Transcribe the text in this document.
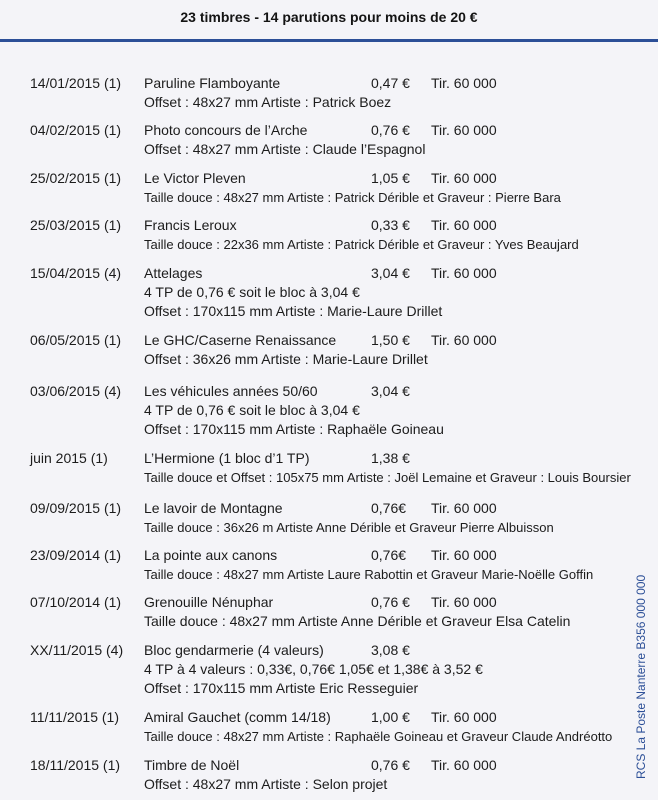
23 timbres - 14 parutions pour moins de 20 €
14/01/2015 (1) Paruline Flamboyante	0,47 € Tir. 60 000
Offset : 48x27 mm Artiste : Patrick Boez
04/02/2015 (1) Photo concours de l’Arche	0,76 € Tir. 60 000
Offset : 48x27 mm Artiste : Claude l’Espagnol
25/02/2015 (1) Le Victor Pleven	1,05 € Tir. 60 000
Taille douce : 48x27 mm Artiste : Patrick Dérible et Graveur : Pierre Bara
25/03/2015 (1) Francis Leroux	0,33 € Tir. 60 000
Taille douce : 22x36 mm Artiste : Patrick Dérible et Graveur : Yves Beaujard
15/04/2015 (4) Attelages	3,04 € Tir. 60 000
4 TP de 0,76 € soit le bloc à 3,04 €
Offset : 170x115 mm Artiste : Marie-Laure Drillet
06/05/2015 (1) Le GHC/Caserne Renaissance 1,50 € Tir. 60 000
Offset : 36x26 mm Artiste : Marie-Laure Drillet
03/06/2015 (4) Les véhicules années 50/60	3,04 €
4 TP de 0,76 € soit le bloc à 3,04 €
Offset : 170x115 mm Artiste : Raphaële Goineau
juin 2015 (1)	L’Hermione (1 bloc d’1 TP)	1,38 €
Taille douce et Offset : 105x75 mm Artiste : Joël Lemaine et Graveur : Louis Boursier
09/09/2015 (1) Le lavoir de Montagne	0,76€ Tir. 60 000
Taille douce : 36x26 m Artiste Anne Dérible et Graveur Pierre Albuisson
23/09/2014 (1) La pointe aux canons	0,76€ Tir. 60 000
Taille douce : 48x27 mm Artiste Laure Rabottin et Graveur Marie-Noëlle Goffin
07/10/2014 (1) Grenouille Nénuphar	0,76 € Tir. 60 000
Taille douce : 48x27 mm Artiste Anne Dérible et Graveur Elsa Catelin
XX/11/2015 (4) Bloc gendarmerie (4 valeurs)	3,08 €
4 TP à 4 valeurs : 0,33€, 0,76€ 1,05€ et 1,38€ à 3,52 €
Offset : 170x115 mm Artiste Eric Resseguier
11/11/2015 (1) Amiral Gauchet (comm 14/18)	1,00 € Tir. 60 000
Taille douce : 48x27 mm Artiste : Raphaële Goineau et Graveur Claude Andréotto
18/11/2015 (1) Timbre de Noël	0,76 € Tir. 60 000
Offset : 48x27 mm Artiste : Selon projet
RCS La Poste Nanterre B356 000 000
